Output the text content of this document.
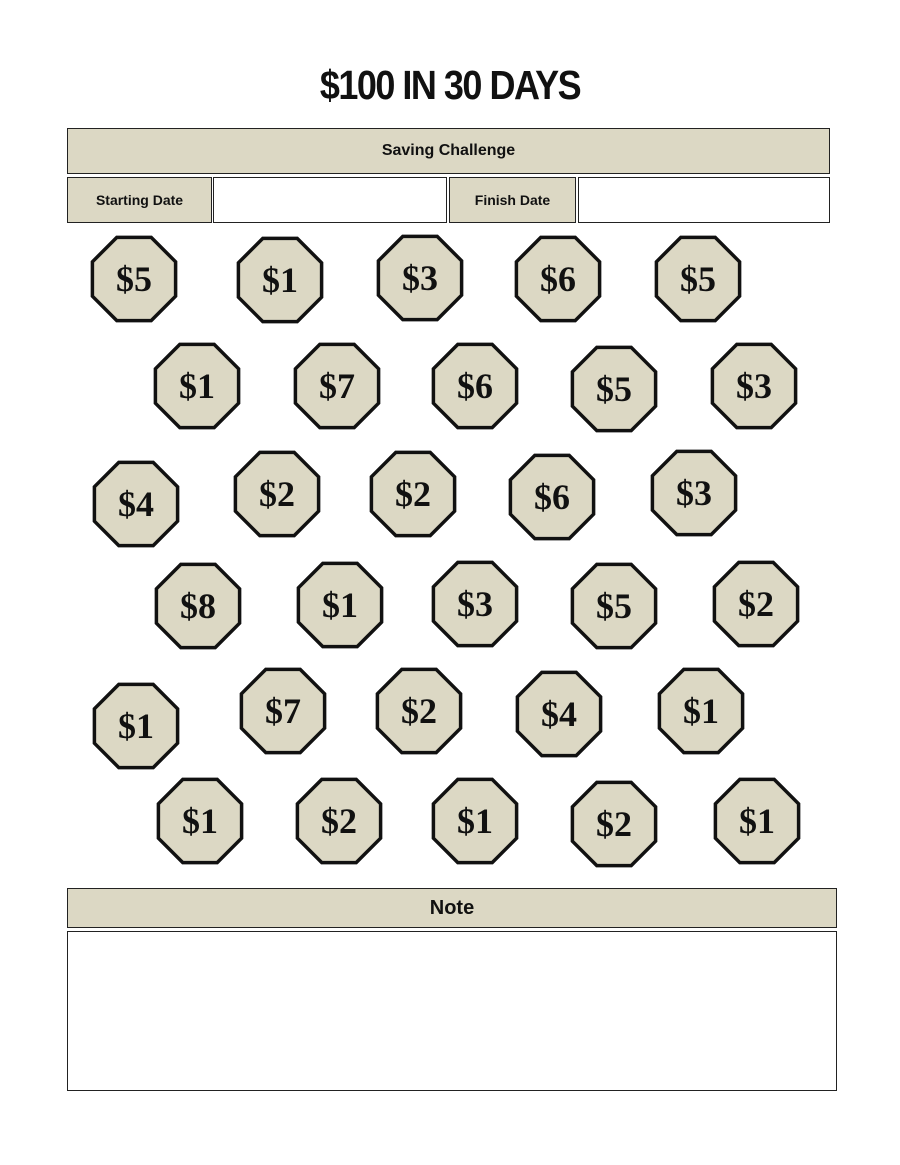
$100 IN 30 DAYS
Saving Challenge
Starting Date	Finish Date
$5	$1	$3	$6	$5
$1	$7	$6	$5	$3
$4	$2	$2	$6	$3
$8	$1	$3	$5	$2
$1	$7	$2	$4	$1
$1	$2	$1	$2	$1
Note
